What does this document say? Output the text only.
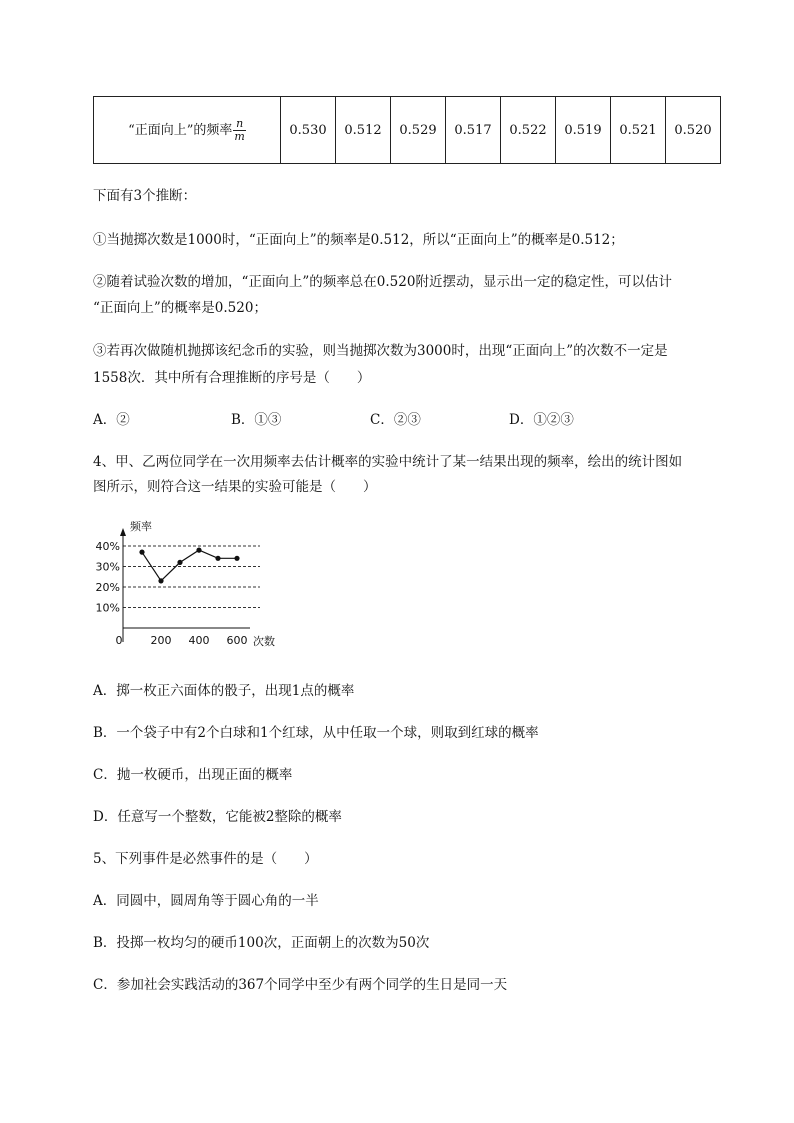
“正面向上”的频率 $\frac{n}{m}$	0.530	0.512	0.529	0.517	0.522	0.519	0.521	0.520
下面有3个推断：
①当抛掷次数是1000时，“正面向上”的频率是0.512，所以“正面向上”的概率是0.512；
②随着试验次数的增加，“正面向上”的频率总在0.520附近摆动，显示出一定的稳定性，可以估计
“正面向上”的概率是0.520；
③若再次做随机抛掷该纪念币的实验，则当抛掷次数为3000时，出现“正面向上”的次数不一定是
1558次．其中所有合理推断的序号是（　　）
A．②	B．①③	C．②③	D．①②③
4、甲、乙两位同学在一次用频率去估计概率的实验中统计了某一结果出现的频率，绘出的统计图如
图所示，则符合这一结果的实验可能是（　　）
频率
次数
10%
20%
30%
40%
0	200 400 600
A．掷一枚正六面体的骰子，出现1点的概率
B．一个袋子中有2个白球和1个红球，从中任取一个球，则取到红球的概率
C．抛一枚硬币，出现正面的概率
D．任意写一个整数，它能被2整除的概率
5、下列事件是必然事件的是（　　）
A．同圆中，圆周角等于圆心角的一半
B．投掷一枚均匀的硬币100次，正面朝上的次数为50次
C．参加社会实践活动的367个同学中至少有两个同学的生日是同一天
